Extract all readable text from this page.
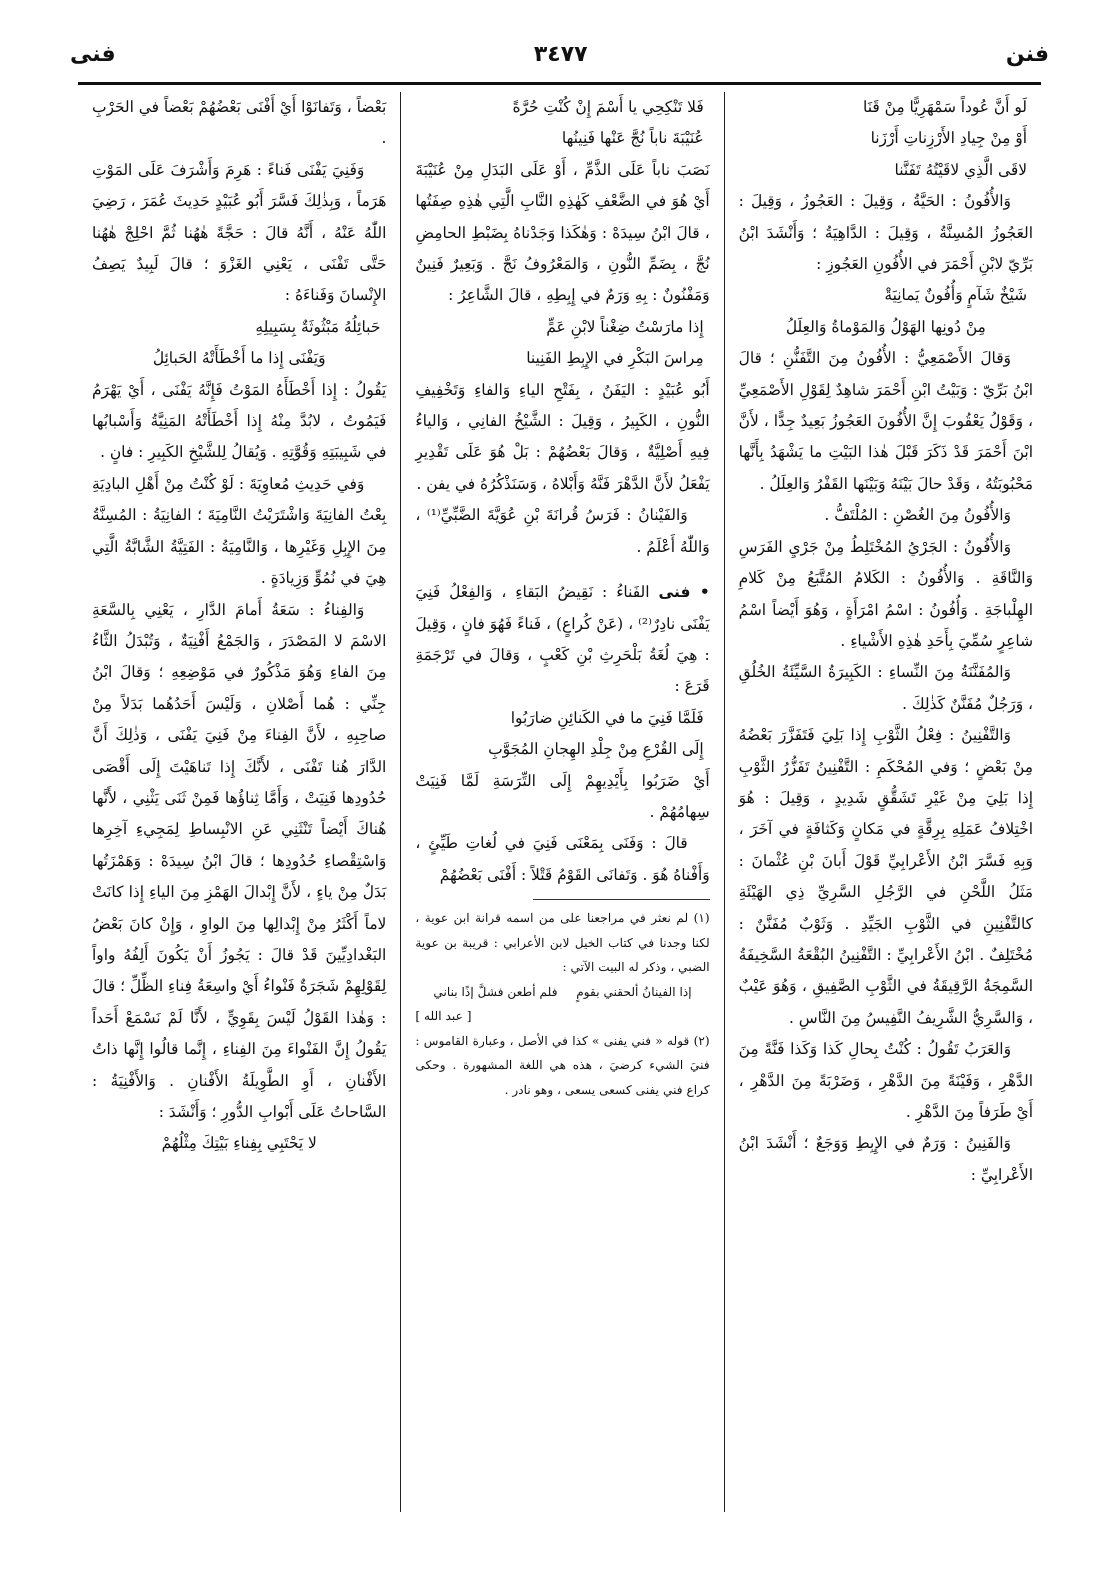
فنن
٣٤٧٧
فنى
لَو أَنَّ عُوداً سَمْهَرِيًّا مِنْ قَنَا
أَوْ مِنْ جِيادِ الأَرْزِناتِ أَرْزَنا
لاقَى الَّذِي لاقَيْتُهُ تَفَنَّنا

وَالأُفُونُ : الحَيَّةُ ، وَقِيلَ : العَجُوزُ ، وَقِيلَ : العَجُوزُ المُسِنَّةُ ، وَقِيلَ : الدَّاهِيَةُ ؛ وَأَنْشَدَ ابْنُ بَرِّيّ لابْنِ أَحْمَرَ في الأُفُونِ العَجُوزِ :

شَيْخٌ شَآمٍ وَأُفُونٌ يَمانِيَةْ
مِنْ دُونِها الهَوْلُ وَالمَوْماةُ وَالعِلَلُ

وَقالَ الأَصْمَعِيُّ : الأُفُونُ مِنَ التَّفَنُّنِ ؛ قالَ ابْنُ بَرِّيّ : وَبَيْتُ ابْنِ أَحْمَرَ شاهِدٌ لِقَوْلِ الأَصْمَعِيِّ ، وَقَوْلُ يَعْقُوبَ إِنَّ الأُفُونَ العَجُوزُ بَعِيدٌ جِدًّا ، لأَنَّ ابْنَ أَحْمَرَ قَدْ ذَكَرَ قَبْلَ هٰذا البَيْتِ ما يَشْهَدُ بِأَنَّها مَحْبُوبَتُهُ ، وَقَدْ حالَ بَيْنَهُ وَبَيْنَها القَفْرُ وَالعِلَلُ .

وَالأُفُونُ مِنَ الغُصْنِ : المُلْتَفُّ .

وَالأُفُونُ : الجَرْيُ المُخْتَلِطُ مِنْ جَرْيِ الفَرَسِ وَالنَّاقَةِ . وَالأُفُونُ : الكَلامُ المُتَّبَعُ مِنْ كَلامِ الهِلْباجَةِ . وَأُفُونُ : اسْمُ امْرَأَةٍ ، وَهُوَ أَيْضاً اسْمُ شاعِرٍ سُمِّيَ بِأَحَدِ هٰذِهِ الأَشْياءِ .

وَالمُفَنَّنَةُ مِنَ النِّساءِ : الكَبِيرَةُ السَّيِّئَةُ الخُلُقِ ، وَرَجُلٌ مُفَنَّنٌ كَذٰلِكَ .

وَالتَّفْنِينُ : فِعْلُ الثَّوْبِ إِذا بَلِيَ فَتَفَزَّرَ بَعْضُهُ مِنْ بَعْضٍ ؛ وَفي المُحْكَمِ : التَّفْنِينُ تَفَزُّرُ الثَّوْبِ إِذا بَلِيَ مِنْ غَيْرِ تَشَقُّقٍ شَدِيدٍ ، وَقِيلَ : هُوَ اخْتِلافُ عَمَلِهِ بِرِقَّةٍ في مَكانٍ وَكَثافَةٍ في آخَرَ ، وَبِهِ فَسَّرَ ابْنُ الأَعْرابِيِّ قَوْلَ أَبانَ بْنِ عُثْمانَ : مَثَلُ اللَّحْنِ في الرَّجُلِ السَّرِيِّ ذِي الهَيْئَةِ كالتَّفْنِينِ في الثَّوْبِ الجَيِّدِ . وَثَوْبٌ مُفَنَّنٌ : مُخْتَلِفٌ . ابْنُ الأَعْرابِيِّ : التَّفْنِينُ البُقْعَةُ السَّخِيفَةُ السَّمِجَةُ الرَّقِيقَةُ في الثَّوْبِ الصَّفِيقِ ، وَهُوَ عَيْبٌ ، وَالسَّرِيُّ الشَّرِيفُ النَّفِيسُ مِنَ النَّاسِ .

وَالعَرَبُ تَقُولُ : كُنْتُ بِحالِ كَذا وَكَذا فَنَّةً مِنَ الدَّهْرِ ، وَفَيْنَةً مِنَ الدَّهْرِ ، وَضَرْبَةً مِنَ الدَّهْرِ ، أَيْ طَرَفاً مِنَ الدَّهْرِ .

وَالفَنِينُ : وَرَمٌ في الإِبِطِ وَوَجَعٌ ؛ أَنْشَدَ ابْنُ الأَعْرابِيِّ :

فَلا تَنْكِحِي يا أَسْمَ إِنْ كُنْتِ حُرَّةً
عُنَيْبَةَ ناباً نُجَّ عَنْها فَنِينُها

نَصَبَ ناباً عَلَى الذَّمِّ ، أَوْ عَلَى البَدَلِ مِنْ عُنَيْبَةَ أَيْ هُوَ في الضَّعْفِ كَهٰذِهِ النَّابِ الَّتِي هٰذِهِ صِفَتُها ، قالَ ابْنُ سِيدَهْ : وَهٰكَذا وَجَدْناهُ بِضَبْطِ الحامِضِ نُجَّ ، بِضَمِّ النُّونِ ، وَالمَعْرُوفُ نَجَّ . وَبَعِيرٌ فَنِينٌ وَمَفْنُونٌ : بِهِ وَرَمٌ في إِبِطِهِ ، قالَ الشَّاعِرُ :

إِذا مارَسْتُ ضِغْناً لابْنِ عَمٍّ
مِراسَ البَكْرِ في الإِبِطِ الفَنِينا

أَبُو عُبَيْدٍ : اليَفَنُ ، بِفَتْحِ الياءِ وَالفاءِ وَتَخْفِيفِ النُّونِ ، الكَبِيرُ ، وَقِيلَ : الشَّيْخُ الفانِي ، وَالياءُ فِيهِ أَصْلِيَّةٌ ، وَقالَ بَعْضُهُمْ : بَلْ هُوَ عَلَى تَقْدِيرِ يَفْعَلُ لأَنَّ الدَّهْرَ فَنَّهُ وَأَبْلاهُ ، وَسَنَذْكُرُهُ في يفن .

وَالفَيْنانُ : فَرَسُ قُرانَةَ بْنِ عُوَيَّةَ الضَّبِّيِّ⁽¹⁾ ، وَاللّٰهُ أَعْلَمُ .

• فنى الفَناءُ : نَقِيضُ البَقاءِ ، وَالفِعْلُ فَنِيَ يَفْنَى نادِرٌ⁽²⁾ ، (عَنْ كُراعٍ) ، فَناءً فَهُوَ فانٍ ، وَقِيلَ : هِيَ لُغَةُ بَلْحَرِثِ بْنِ كَعْبٍ ، وَقالَ في تَرْجَمَةِ قَرَعَ :

فَلَمَّا فَنِيَ ما في الكَنائِنِ ضارَبُوا
إِلَى القُرْعِ مِنْ جِلْدِ الهِجانِ المُجَوَّبِ

أَيْ ضَرَبُوا بِأَيْدِيهِمْ إِلَى التِّرَسَةِ لَمَّا فَنِيَتْ سِهامُهُمْ .

قالَ : وَفَنَى بِمَعْنَى فَنِيَ في لُغاتِ طَيِّئٍ ، وَأَفْناهُ هُوَ . وَتَفانَى القَوْمُ قَتْلاً : أَفْنَى بَعْضُهُمْ

(١) لم نعثر في مراجعنا على من اسمه قرانة ابن عوية ، لكنا وجدنا في كتاب الخيل لابن الأعرابي : قريبة بن عوية الضبي ، وذكر له البيت الآتي :

إذا الفينانُ ألحقني بقومٍ
فلم أطعن فشلَّ إذًا بناني

[ عبد الله ]

(٢) قوله « فني يفنى » كذا في الأصل ، وعبارة القاموس : فنيَ الشيء كرضيَ ، هذه هي اللغة المشهورة . وحكى كراع فني يفنى كسعى يسعى ، وهو نادر .

بَعْضاً ، وَتَفانَوْا أَيْ أَفْنَى بَعْضُهُمْ بَعْضاً في الحَرْبِ .

وَفَنِيَ يَفْنَى فَناءً : هَرِمَ وَأَشْرَفَ عَلَى المَوْتِ هَرَماً ، وَبِذٰلِكَ فَسَّرَ أَبُو عُبَيْدٍ حَدِيثَ عُمَرَ ، رَضِيَ اللّٰهُ عَنْهُ ، أَنَّهُ قالَ : حَجَّةً هٰهُنا ثُمَّ احْلِجْ هٰهُنا حَتَّى تَفْنَى ، يَعْنِي الغَزْوَ ؛ قالَ لَبِيدٌ يَصِفُ الإِنْسانَ وَفَناءَهُ :

حَبائِلُهُ مَبْثُوثَةٌ بِسَبِيلِهِ
وَيَفْنَى إِذا ما أَخْطَأَتْهُ الحَبائِلُ

يَقُولُ : إِذا أَخْطَأَهُ المَوْتُ فَإِنَّهُ يَفْنَى ، أَيْ يَهْرَمُ فَيَمُوتُ ، لابُدَّ مِنْهُ إِذا أَخْطَأَتْهُ المَنِيَّةُ وَأَسْبابُها في شَبِيبَتِهِ وَقُوَّتِهِ . وَيُقالُ لِلشَّيْخِ الكَبِيرِ : فانٍ .

وَفي حَدِيثِ مُعاوِيَةَ : لَوْ كُنْتُ مِنْ أَهْلِ البادِيَةِ بِعْتُ الفانِيَةَ وَاشْتَرَيْتُ النَّامِيَةَ ؛ الفانِيَةُ : المُسِنَّةُ مِنَ الإِبِلِ وَغَيْرِها ، وَالنَّامِيَةُ : الفَتِيَّةُ الشَّابَّةُ الَّتِي هِيَ في نُمُوٍّ وَزِيادَةٍ .

وَالفِناءُ : سَعَةُ أَمامَ الدَّارِ ، يَعْنِي بِالسَّعَةِ الاسْمَ لا المَصْدَرَ ، وَالجَمْعُ أَفْنِيَةٌ ، وَتُبْدَلُ الثَّاءُ مِنَ الفاءِ وَهُوَ مَذْكُورٌ في مَوْضِعِهِ ؛ وَقالَ ابْنُ جِنِّي : هُما أَصْلانِ ، وَلَيْسَ أَحَدُهُما بَدَلاً مِنْ صاحِبِهِ ، لأَنَّ الفِناءَ مِنْ فَنِيَ يَفْنَى ، وَذٰلِكَ أَنَّ الدَّارَ هُنا تَفْنَى ، لأَنَّكَ إِذا تَناهَيْتَ إِلَى أَقْصَى حُدُودِها فَنِيَتْ ، وَأَمَّا ثِناؤُها فَمِنْ ثَنَى يَثْنِي ، لأَنَّها هُناكَ أَيْضاً تَنْثَنِي عَنِ الانْبِساطِ لِمَجِيءِ آخِرِها وَاسْتِقْصاءِ حُدُودِها ؛ قالَ ابْنُ سِيدَهْ : وَهَمْزَتُها بَدَلٌ مِنْ ياءٍ ، لأَنَّ إِبْدالَ الهَمْزِ مِنَ الياءِ إِذا كانَتْ لاماً أَكْثَرُ مِنْ إِبْدالِها مِنَ الواوِ ، وَإِنْ كانَ بَعْضُ البَغْدادِيِّينَ قَدْ قالَ : يَجُوزُ أَنْ يَكُونَ أَلِفُهُ واواً لِقَوْلِهِمْ شَجَرَةٌ فَنْواءُ أَيْ واسِعَةُ فِناءِ الظِّلِّ ؛ قالَ : وَهٰذا القَوْلُ لَيْسَ بِقَوِيٍّ ، لأَنَّا لَمْ نَسْمَعْ أَحَداً يَقُولُ إِنَّ الفَنْواءَ مِنَ الفِناءِ ، إِنَّما قالُوا إِنَّها ذاتُ الأَفْنانِ ، أَوِ الطَّوِيلَةُ الأَفْنانِ . وَالأَفْنِيَةُ : السَّاحاتُ عَلَى أَبْوابِ الدُّورِ ؛ وَأَنْشَدَ :

لا يَحْتَبِي بِفِناءِ بَيْتِكَ مِثْلُهُمْ
